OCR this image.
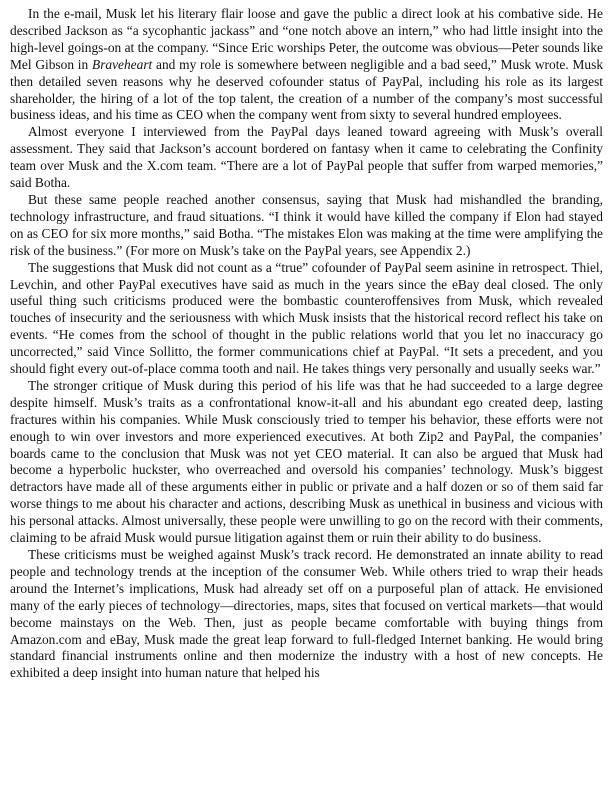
In the e-mail, Musk let his literary flair loose and gave the public a direct look at his combative side. He described Jackson as “a sycophantic jackass” and “one notch above an intern,” who had little insight into the high-level goings-on at the company. “Since Eric worships Peter, the outcome was obvious—Peter sounds like Mel Gibson in Braveheart and my role is somewhere between negligible and a bad seed,” Musk wrote. Musk then detailed seven reasons why he deserved cofounder status of PayPal, including his role as its largest shareholder, the hiring of a lot of the top talent, the creation of a number of the company’s most successful business ideas, and his time as CEO when the company went from sixty to several hundred employees.

Almost everyone I interviewed from the PayPal days leaned toward agreeing with Musk’s overall assessment. They said that Jackson’s account bordered on fantasy when it came to celebrating the Confinity team over Musk and the X.com team. “There are a lot of PayPal people that suffer from warped memories,” said Botha.

But these same people reached another consensus, saying that Musk had mishandled the branding, technology infrastructure, and fraud situations. “I think it would have killed the company if Elon had stayed on as CEO for six more months,” said Botha. “The mistakes Elon was making at the time were amplifying the risk of the business.” (For more on Musk’s take on the PayPal years, see Appendix 2.)

The suggestions that Musk did not count as a “true” cofounder of PayPal seem asinine in retrospect. Thiel, Levchin, and other PayPal executives have said as much in the years since the eBay deal closed. The only useful thing such criticisms produced were the bombastic counteroffensives from Musk, which revealed touches of insecurity and the seriousness with which Musk insists that the historical record reflect his take on events. “He comes from the school of thought in the public relations world that you let no inaccuracy go uncorrected,” said Vince Sollitto, the former communications chief at PayPal. “It sets a precedent, and you should fight every out-of-place comma tooth and nail. He takes things very personally and usually seeks war.”

The stronger critique of Musk during this period of his life was that he had succeeded to a large degree despite himself. Musk’s traits as a confrontational know-it-all and his abundant ego created deep, lasting fractures within his companies. While Musk consciously tried to temper his behavior, these efforts were not enough to win over investors and more experienced executives. At both Zip2 and PayPal, the companies’ boards came to the conclusion that Musk was not yet CEO material. It can also be argued that Musk had become a hyperbolic huckster, who overreached and oversold his companies’ technology. Musk’s biggest detractors have made all of these arguments either in public or private and a half dozen or so of them said far worse things to me about his character and actions, describing Musk as unethical in business and vicious with his personal attacks. Almost universally, these people were unwilling to go on the record with their comments, claiming to be afraid Musk would pursue litigation against them or ruin their ability to do business.

These criticisms must be weighed against Musk’s track record. He demonstrated an innate ability to read people and technology trends at the inception of the consumer Web. While others tried to wrap their heads around the Internet’s implications, Musk had already set off on a purposeful plan of attack. He envisioned many of the early pieces of technology—directories, maps, sites that focused on vertical markets—that would become mainstays on the Web. Then, just as people became comfortable with buying things from Amazon.com and eBay, Musk made the great leap forward to full-fledged Internet banking. He would bring standard financial instruments online and then modernize the industry with a host of new concepts. He exhibited a deep insight into human nature that helped his
